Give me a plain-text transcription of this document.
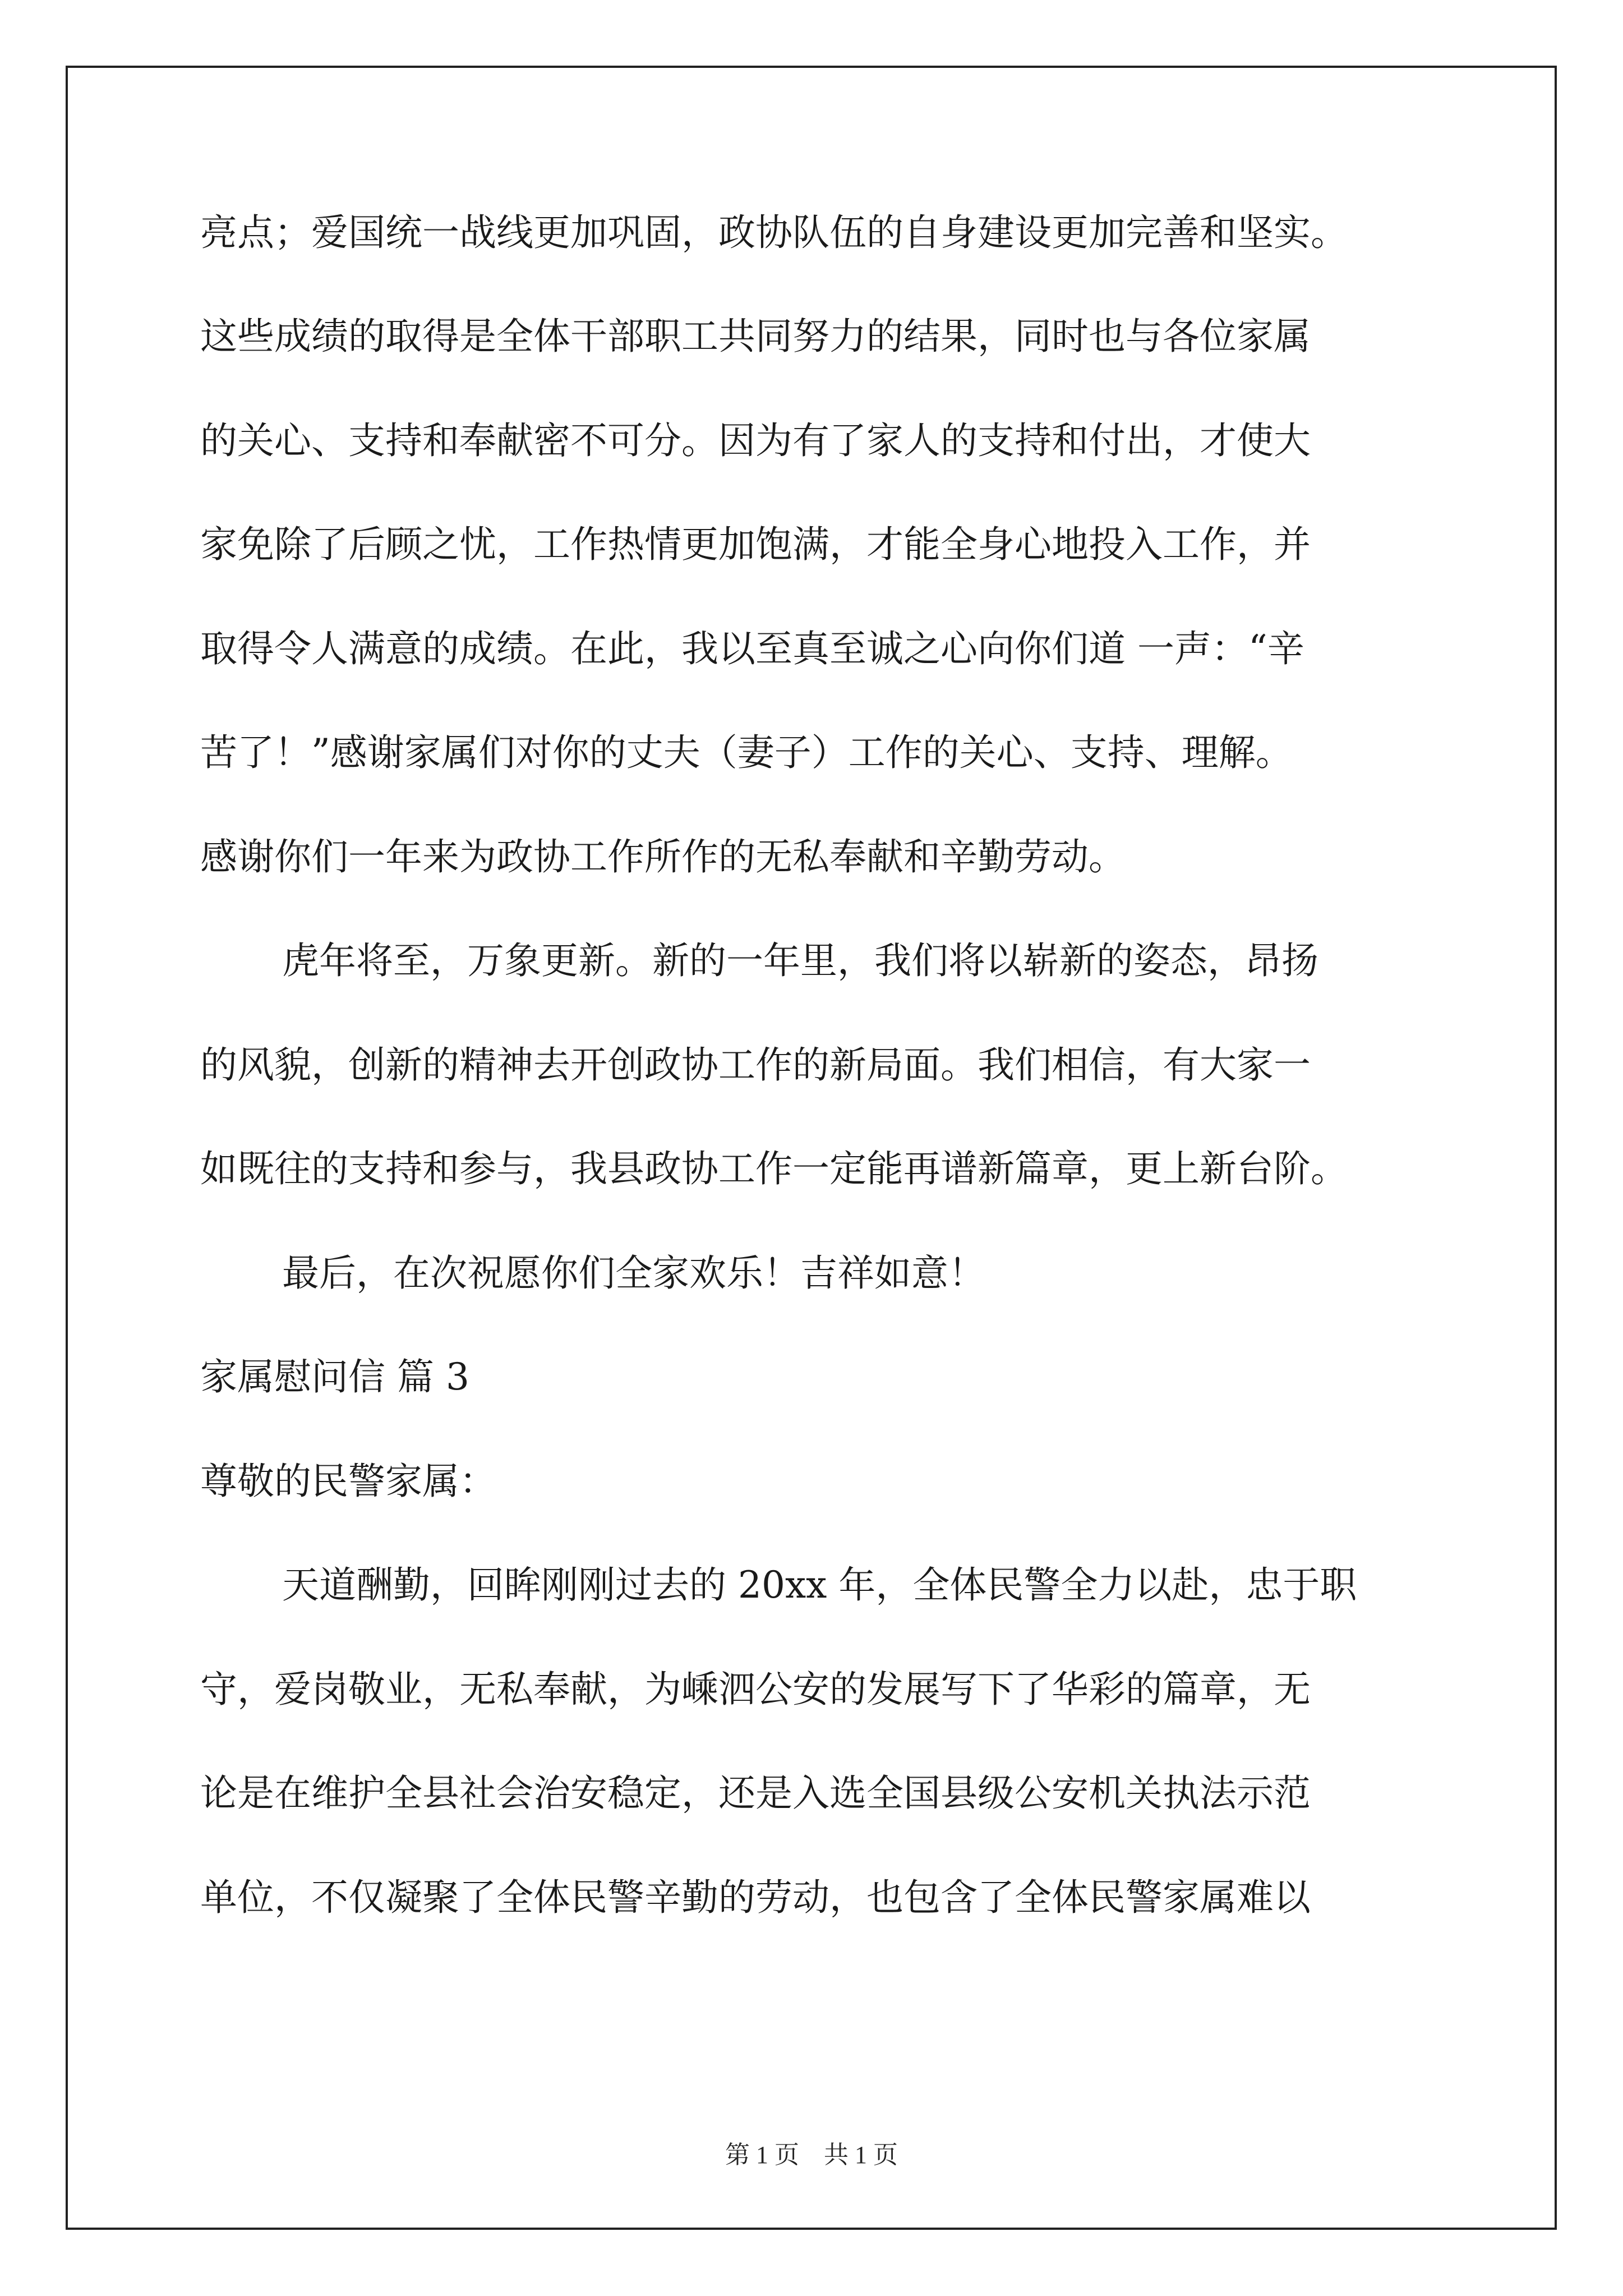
亮点；爱国统一战线更加巩固，政协队伍的自身建设更加完善和坚实。
这些成绩的取得是全体干部职工共同努力的结果，同时也与各位家属
的关心、支持和奉献密不可分。因为有了家人的支持和付出，才使大
家免除了后顾之忧，工作热情更加饱满，才能全身心地投入工作，并
取得令人满意的成绩。在此，我以至真至诚之心向你们道 一声：“辛
苦了！”感谢家属们对你的丈夫（妻子）工作的关心、支持、理解。
感谢你们一年来为政协工作所作的无私奉献和辛勤劳动。
虎年将至，万象更新。新的一年里，我们将以崭新的姿态，昂扬
的风貌，创新的精神去开创政协工作的新局面。我们相信，有大家一
如既往的支持和参与，我县政协工作一定能再谱新篇章，更上新台阶。
最后，在次祝愿你们全家欢乐！吉祥如意！
家属慰问信 篇 3
尊敬的民警家属：
天道酬勤，回眸刚刚过去的 20xx 年，全体民警全力以赴，忠于职
守，爱岗敬业，无私奉献，为嵊泗公安的发展写下了华彩的篇章，无
论是在维护全县社会治安稳定，还是入选全国县级公安机关执法示范
单位，不仅凝聚了全体民警辛勤的劳动，也包含了全体民警家属难以
第 1 页　共 1 页
